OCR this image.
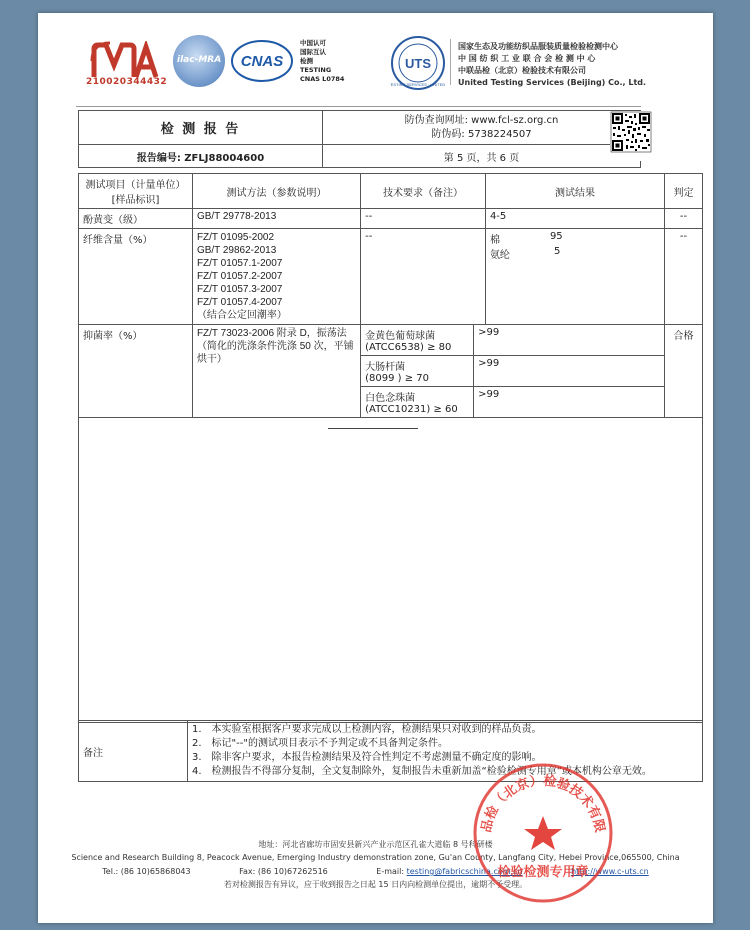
210020344432
ilac-MRA CNAS
中国认可
国际互认
检测
TESTING
CNAS L0784
UTS
TESTING SERVICES · UNITED ·
国家生态及功能纺织品服装质量检验检测中心
中 国 纺 织 工 业 联 合 会 检 测 中 心
中联品检（北京）检验技术有限公司
United Testing Services (Beijing) Co., Ltd.
检 测 报 告	防伪查询网址: www.fcl-sz.org.cn
防伪码: 5738224507

报告编号: ZFLJ88004600	第 5 页，共 6 页
测试项目（计量单位）[样品标识]	测试方法（参数说明）	技术要求（备注）	测试结果	判定
酚黄变（级）	GB/T 29778-2013	--	4-5	--
纤维含量（%）	FZ/T 01095-2002
GB/T 29862-2013
FZ/T 01057.1-2007
FZ/T 01057.2-2007
FZ/T 01057.3-2007
FZ/T 01057.4-2007
（结合公定回潮率）	--	棉	95
氨纶	5
	--
抑菌率（%）	FZ/T 73023-2006 附录 D，振荡法
（简化的洗涤条件洗涤 50 次，平铺烘干）	
金黄色葡萄球菌
(ATCC6538) ≥ 80	>99
大肠杆菌
(8099 ) ≥ 70	>99
白色念珠菌
(ATCC10231) ≥ 60	>99
	合格

备注	
1.　本实验室根据客户要求完成以上检测内容，检测结果只对收到的样品负责。
2.　标记"--"的测试项目表示不予判定或不具备判定条件。
3.　除非客户要求，本报告检测结果及符合性判定不考虑测量不确定度的影响。
4.　检测报告不得部分复制，全文复制除外，复制报告未重新加盖“检验检测专用章”或本机构公章无效。
地址：河北省廊坊市固安县新兴产业示范区孔雀大道临 8 号科研楼
Science and Research Building 8, Peacock Avenue, Emerging Industry demonstration zone, Gu'an County, Langfang City, Hebei Province,065500, China
Tel.: (86 10)65868043	Fax: (86 10)67262516	E-mail: testing@fabricschina.com.cn	http://www.c-uts.cn
若对检测报告有异议，应于收到报告之日起 15 日内向检测单位提出，逾期不予受理。
品检（北京）检验技术有限
检验检测专用章
